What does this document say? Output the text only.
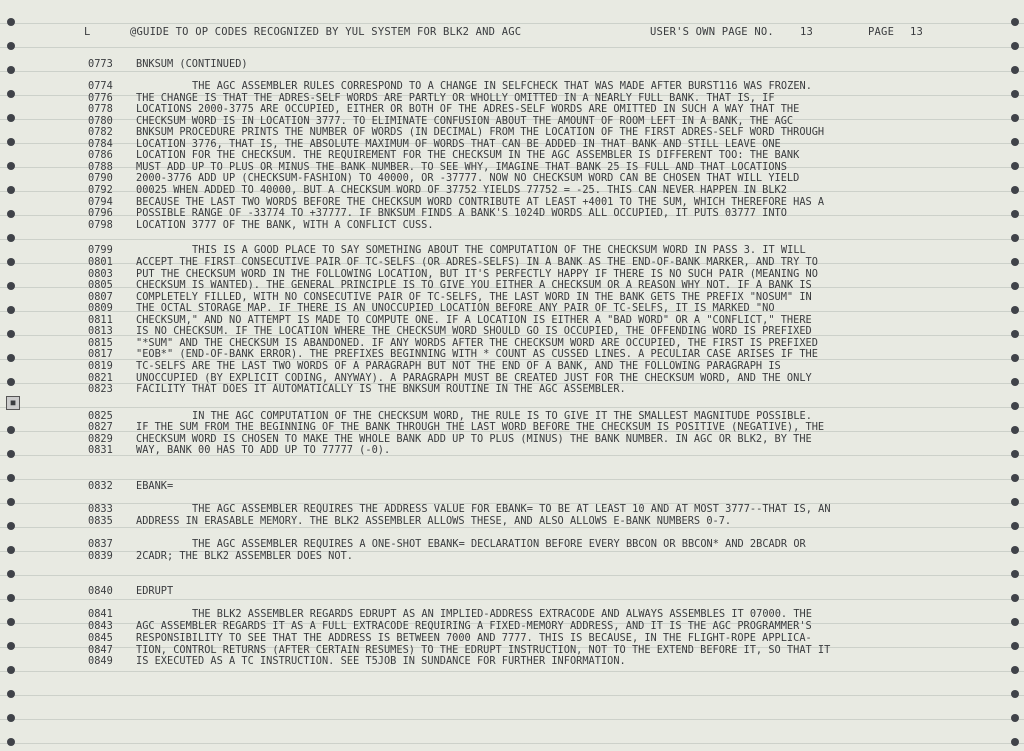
■
L	@GUIDE TO OP CODES RECOGNIZED BY YUL SYSTEM FOR BLK2 AND AGC	USER'S OWN PAGE NO. 13	PAGE 13
0773 BNKSUM (CONTINUED)
0774	THE AGC ASSEMBLER RULES CORRESPOND TO A CHANGE IN SELFCHECK THAT WAS MADE AFTER BURST116 WAS FROZEN.
0776 THE CHANGE IS THAT THE ADRES-SELF WORDS ARE PARTLY OR WHOLLY OMITTED IN A NEARLY FULL BANK. THAT IS, IF
0778 LOCATIONS 2000-3775 ARE OCCUPIED, EITHER OR BOTH OF THE ADRES-SELF WORDS ARE OMITTED IN SUCH A WAY THAT THE
0780 CHECKSUM WORD IS IN LOCATION 3777. TO ELIMINATE CONFUSION ABOUT THE AMOUNT OF ROOM LEFT IN A BANK, THE AGC
0782 BNKSUM PROCEDURE PRINTS THE NUMBER OF WORDS (IN DECIMAL) FROM THE LOCATION OF THE FIRST ADRES-SELF WORD THROUGH
0784 LOCATION 3776, THAT IS, THE ABSOLUTE MAXIMUM OF WORDS THAT CAN BE ADDED IN THAT BANK AND STILL LEAVE ONE
0786 LOCATION FOR THE CHECKSUM. THE REQUIREMENT FOR THE CHECKSUM IN THE AGC ASSEMBLER IS DIFFERENT TOO: THE BANK
0788 MUST ADD UP TO PLUS OR MINUS THE BANK NUMBER. TO SEE WHY, IMAGINE THAT BANK 25 IS FULL AND THAT LOCATIONS
0790 2000-3776 ADD UP (CHECKSUM-FASHION) TO 40000, OR -37777. NOW NO CHECKSUM WORD CAN BE CHOSEN THAT WILL YIELD
0792 00025 WHEN ADDED TO 40000, BUT A CHECKSUM WORD OF 37752 YIELDS 77752 = -25. THIS CAN NEVER HAPPEN IN BLK2
0794 BECAUSE THE LAST TWO WORDS BEFORE THE CHECKSUM WORD CONTRIBUTE AT LEAST +4001 TO THE SUM, WHICH THEREFORE HAS A
0796 POSSIBLE RANGE OF -33774 TO +37777. IF BNKSUM FINDS A BANK'S 1024D WORDS ALL OCCUPIED, IT PUTS 03777 INTO
0798 LOCATION 3777 OF THE BANK, WITH A CONFLICT CUSS.
0799	THIS IS A GOOD PLACE TO SAY SOMETHING ABOUT THE COMPUTATION OF THE CHECKSUM WORD IN PASS 3. IT WILL
0801 ACCEPT THE FIRST CONSECUTIVE PAIR OF TC-SELFS (OR ADRES-SELFS) IN A BANK AS THE END-OF-BANK MARKER, AND TRY TO
0803 PUT THE CHECKSUM WORD IN THE FOLLOWING LOCATION, BUT IT'S PERFECTLY HAPPY IF THERE IS NO SUCH PAIR (MEANING NO
0805 CHECKSUM IS WANTED). THE GENERAL PRINCIPLE IS TO GIVE YOU EITHER A CHECKSUM OR A REASON WHY NOT. IF A BANK IS
0807 COMPLETELY FILLED, WITH NO CONSECUTIVE PAIR OF TC-SELFS, THE LAST WORD IN THE BANK GETS THE PREFIX "NOSUM" IN
0809 THE OCTAL STORAGE MAP. IF THERE IS AN UNOCCUPIED LOCATION BEFORE ANY PAIR OF TC-SELFS, IT IS MARKED "NO
0811 CHECKSUM," AND NO ATTEMPT IS MADE TO COMPUTE ONE. IF A LOCATION IS EITHER A "BAD WORD" OR A "CONFLICT," THERE
0813 IS NO CHECKSUM. IF THE LOCATION WHERE THE CHECKSUM WORD SHOULD GO IS OCCUPIED, THE OFFENDING WORD IS PREFIXED
0815 "*SUM" AND THE CHECKSUM IS ABANDONED. IF ANY WORDS AFTER THE CHECKSUM WORD ARE OCCUPIED, THE FIRST IS PREFIXED
0817 "EOB*" (END-OF-BANK ERROR). THE PREFIXES BEGINNING WITH * COUNT AS CUSSED LINES. A PECULIAR CASE ARISES IF THE
0819 TC-SELFS ARE THE LAST TWO WORDS OF A PARAGRAPH BUT NOT THE END OF A BANK, AND THE FOLLOWING PARAGRAPH IS
0821 UNOCCUPIED (BY EXPLICIT CODING, ANYWAY). A PARAGRAPH MUST BE CREATED JUST FOR THE CHECKSUM WORD, AND THE ONLY
0823 FACILITY THAT DOES IT AUTOMATICALLY IS THE BNKSUM ROUTINE IN THE AGC ASSEMBLER.
0825	IN THE AGC COMPUTATION OF THE CHECKSUM WORD, THE RULE IS TO GIVE IT THE SMALLEST MAGNITUDE POSSIBLE.
0827 IF THE SUM FROM THE BEGINNING OF THE BANK THROUGH THE LAST WORD BEFORE THE CHECKSUM IS POSITIVE (NEGATIVE), THE
0829 CHECKSUM WORD IS CHOSEN TO MAKE THE WHOLE BANK ADD UP TO PLUS (MINUS) THE BANK NUMBER. IN AGC OR BLK2, BY THE
0831 WAY, BANK 00 HAS TO ADD UP TO 77777 (-0).
0832 EBANK=
0833	THE AGC ASSEMBLER REQUIRES THE ADDRESS VALUE FOR EBANK= TO BE AT LEAST 10 AND AT MOST 3777--THAT IS, AN
0835 ADDRESS IN ERASABLE MEMORY. THE BLK2 ASSEMBLER ALLOWS THESE, AND ALSO ALLOWS E-BANK NUMBERS 0-7.
0837	THE AGC ASSEMBLER REQUIRES A ONE-SHOT EBANK= DECLARATION BEFORE EVERY BBCON OR BBCON* AND 2BCADR OR
0839 2CADR; THE BLK2 ASSEMBLER DOES NOT.
0840 EDRUPT
0841	THE BLK2 ASSEMBLER REGARDS EDRUPT AS AN IMPLIED-ADDRESS EXTRACODE AND ALWAYS ASSEMBLES IT 07000. THE
0843 AGC ASSEMBLER REGARDS IT AS A FULL EXTRACODE REQUIRING A FIXED-MEMORY ADDRESS, AND IT IS THE AGC PROGRAMMER'S
0845 RESPONSIBILITY TO SEE THAT THE ADDRESS IS BETWEEN 7000 AND 7777. THIS IS BECAUSE, IN THE FLIGHT-ROPE APPLICA-
0847 TION, CONTROL RETURNS (AFTER CERTAIN RESUMES) TO THE EDRUPT INSTRUCTION, NOT TO THE EXTEND BEFORE IT, SO THAT IT
0849 IS EXECUTED AS A TC INSTRUCTION. SEE T5JOB IN SUNDANCE FOR FURTHER INFORMATION.
